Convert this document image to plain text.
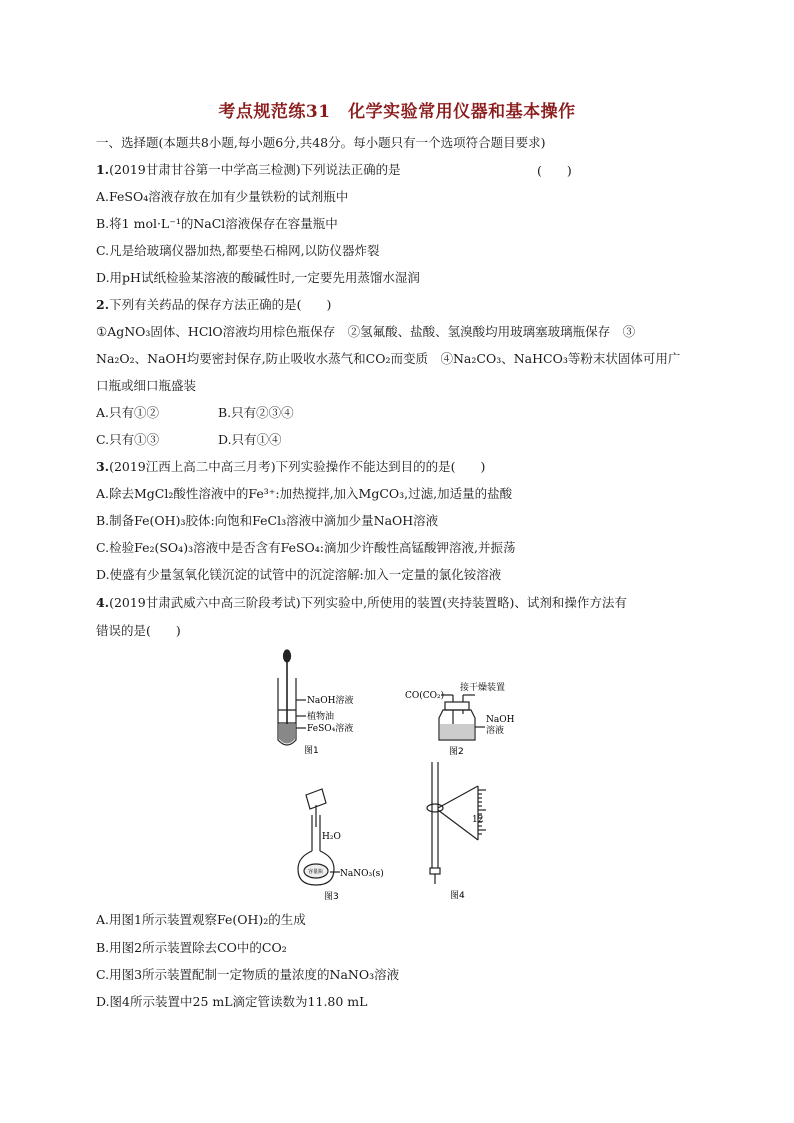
考点规范练31　化学实验常用仪器和基本操作
一、选择题(本题共8小题,每小题6分,共48分。每小题只有一个选项符合题目要求)
1.(2019甘肃甘谷第一中学高三检测)下列说法正确的是	(　　)
A.FeSO₄溶液存放在加有少量铁粉的试剂瓶中
B.将1 mol·L⁻¹的NaCl溶液保存在容量瓶中
C.凡是给玻璃仪器加热,都要垫石棉网,以防仪器炸裂
D.用pH试纸检验某溶液的酸碱性时,一定要先用蒸馏水湿润
2.下列有关药品的保存方法正确的是(　　)
①AgNO₃固体、HClO溶液均用棕色瓶保存　②氢氟酸、盐酸、氢溴酸均用玻璃塞玻璃瓶保存　③
Na₂O₂、NaOH均要密封保存,防止吸收水蒸气和CO₂而变质　④Na₂CO₃、NaHCO₃等粉末状固体可用广
口瓶或细口瓶盛装
A.只有①②	B.只有②③④
C.只有①③	D.只有①④
3.(2019江西上高二中高三月考)下列实验操作不能达到目的的是(　　)
A.除去MgCl₂酸性溶液中的Fe³⁺:加热搅拌,加入MgCO₃,过滤,加适量的盐酸
B.制备Fe(OH)₃胶体:向饱和FeCl₃溶液中滴加少量NaOH溶液
C.检验Fe₂(SO₄)₃溶液中是否含有FeSO₄:滴加少许酸性高锰酸钾溶液,并振荡
D.使盛有少量氢氧化镁沉淀的试管中的沉淀溶解:加入一定量的氯化铵溶液
4.(2019甘肃武威六中高三阶段考试)下列实验中,所使用的装置(夹持装置略)、试剂和操作方法有
错误的是(　　)
NaOH溶液
植物油
FeSO₄溶液
图1
CO(CO₂)
接干燥装置
NaOH
溶液
图2
容量瓶
H₂O
NaNO₃(s)
图3
12
图4
A.用图1所示装置观察Fe(OH)₂的生成
B.用图2所示装置除去CO中的CO₂
C.用图3所示装置配制一定物质的量浓度的NaNO₃溶液
D.图4所示装置中25 mL滴定管读数为11.80 mL
